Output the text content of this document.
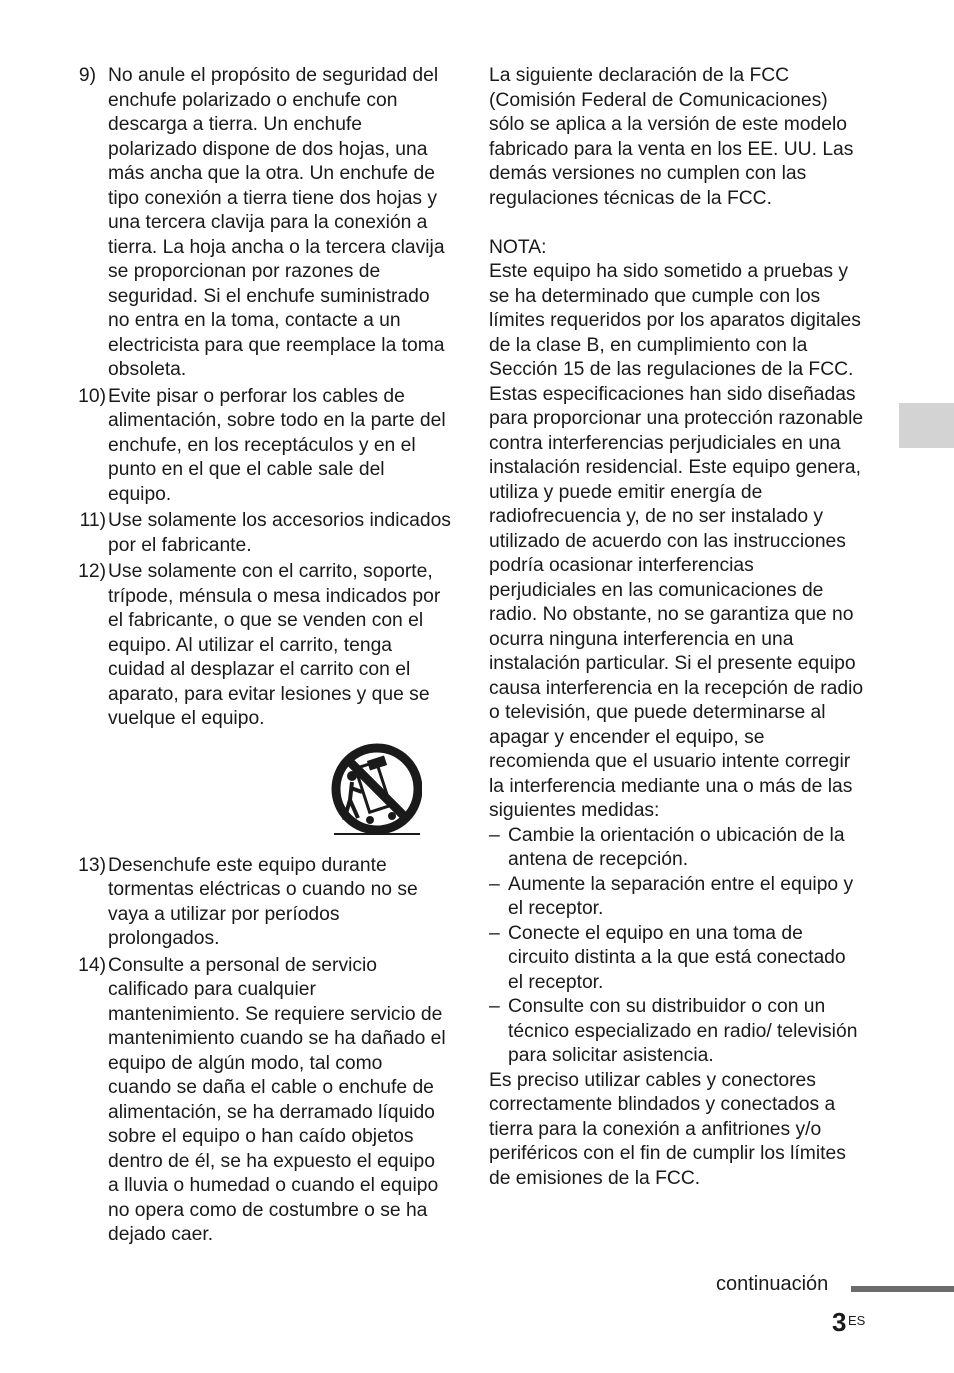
9) No anule el propósito de seguridad del enchufe polarizado o enchufe con descarga a tierra. Un enchufe polarizado dispone de dos hojas, una más ancha que la otra. Un enchufe de tipo conexión a tierra tiene dos hojas y una tercera clavija para la conexión a tierra. La hoja ancha o la tercera clavija se proporcionan por razones de seguridad. Si el enchufe suministrado no entra en la toma, contacte a un electricista para que reemplace la toma obsoleta.
10) Evite pisar o perforar los cables de alimentación, sobre todo en la parte del enchufe, en los receptáculos y en el punto en el que el cable sale del equipo.
11) Use solamente los accesorios indicados por el fabricante.
12) Use solamente con el carrito, soporte, trípode, ménsula o mesa indicados por el fabricante, o que se venden con el equipo. Al utilizar el carrito, tenga cuidad al desplazar el carrito con el aparato, para evitar lesiones y que se vuelque el equipo.
13) Desenchufe este equipo durante tormentas eléctricas o cuando no se vaya a utilizar por períodos prolongados.
14) Consulte a personal de servicio calificado para cualquier mantenimiento. Se requiere servicio de mantenimiento cuando se ha dañado el equipo de algún modo, tal como cuando se daña el cable o enchufe de alimentación, se ha derramado líquido sobre el equipo o han caído objetos dentro de él, se ha expuesto el equipo a lluvia o humedad o cuando el equipo no opera como de costumbre o se ha dejado caer.

La siguiente declaración de la FCC (Comisión Federal de Comunicaciones) sólo se aplica a la versión de este modelo fabricado para la venta en los EE. UU. Las demás versiones no cumplen con las regulaciones técnicas de la FCC.

NOTA:

Este equipo ha sido sometido a pruebas y se ha determinado que cumple con los límites requeridos por los aparatos digitales de la clase B, en cumplimiento con la Sección 15 de las regulaciones de la FCC. Estas especificaciones han sido diseñadas para proporcionar una protección razonable contra interferencias perjudiciales en una instalación residencial. Este equipo genera, utiliza y puede emitir energía de radiofrecuencia y, de no ser instalado y utilizado de acuerdo con las instrucciones podría ocasionar interferencias perjudiciales en las comunicaciones de radio. No obstante, no se garantiza que no ocurra ninguna interferencia en una instalación particular. Si el presente equipo causa interferencia en la recepción de radio o televisión, que puede determinarse al apagar y encender el equipo, se recomienda que el usuario intente corregir la interferencia mediante una o más de las siguientes medidas:

– Cambie la orientación o ubicación de la antena de recepción.
– Aumente la separación entre el equipo y el receptor.
– Conecte el equipo en una toma de circuito distinta a la que está conectado el receptor.
– Consulte con su distribuidor o con un técnico especializado en radio/ televisión para solicitar asistencia.

Es preciso utilizar cables y conectores correctamente blindados y conectados a tierra para la conexión a anfitriones y/o periféricos con el fin de cumplir los límites de emisiones de la FCC.

continuación
3 ES
